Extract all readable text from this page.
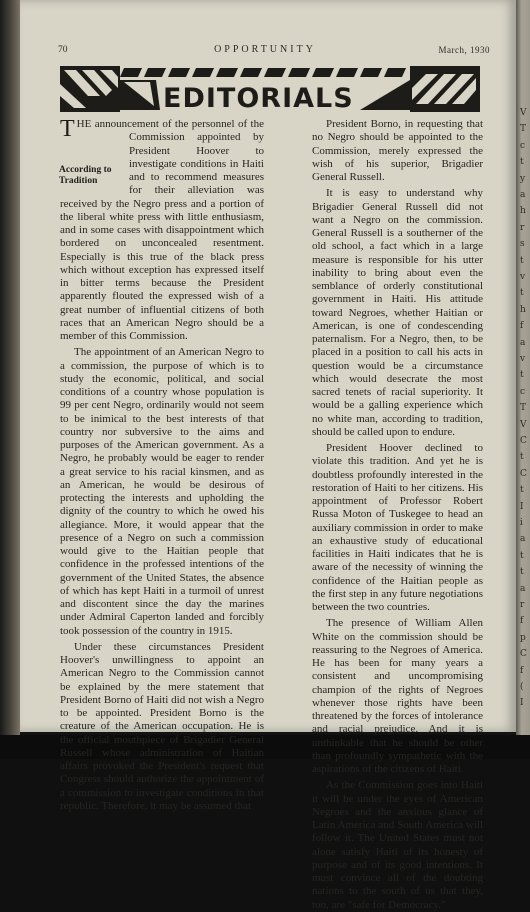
V
T
c
t
y
a
h
r
s
t
v
t
h
f
a
v
t
c
T
V
C
t
C
t
I
i
a
t
t
a
r
f
p
C
f
(
I
70	OPPORTUNITY	March, 1930
EDITORIALS
T
According to Tradition

HE announcement of the personnel of the Commission appointed by President Hoover to investigate conditions in Haiti and to recommend measures for their alleviation was received by the Negro press and a portion of the liberal white press with little enthusiasm, and in some cases with disappointment which bordered on unconcealed resentment. Especially is this true of the black press which without exception has expressed itself in bitter terms because the President apparently flouted the expressed wish of a great number of influential citizens of both races that an American Negro should be a member of this Commission.

The appointment of an American Negro to a commission, the purpose of which is to study the economic, political, and social conditions of a country whose population is 99 per cent Negro, ordinarily would not seem to be inimical to the best interests of that country nor subversive to the aims and purposes of the American government. As a Negro, he probably would be eager to render a great service to his racial kinsmen, and as an American, he would be desirous of protecting the interests and upholding the dignity of the country to which he owed his allegiance. More, it would appear that the presence of a Negro on such a commission would give to the Haitian people that confidence in the professed intentions of the government of the United States, the absence of which has kept Haiti in a turmoil of unrest and discontent since the day the marines under Admiral Caperton landed and forcibly took possession of the country in 1915.

Under these circumstances President Hoover's unwillingness to appoint an American Negro to the Commission cannot be explained by the mere statement that President Borno of Haiti did not wish a Negro to be appointed. President Borno is the creature of the American occupation. He is the official mouthpiece of Brigadier General Russell whose administration of Haitian affairs provoked the President's request that Congress should authorize the appointment of a commission to investigate conditions in that republic. Therefore, it may be assumed that

President Borno, in requesting that no Negro should be appointed to the Commission, merely expressed the wish of his superior, Brigadier General Russell.

It is easy to understand why Brigadier General Russell did not want a Negro on the commission. General Russell is a southerner of the old school, a fact which in a large measure is responsible for his utter inability to bring about even the semblance of orderly constitutional government in Haiti. His attitude toward Negroes, whether Haitian or American, is one of condescending paternalism. For a Negro, then, to be placed in a position to call his acts in question would be a circumstance which would desecrate the most sacred tenets of racial superiority. It would be a galling experience which no white man, according to tradition, should be called upon to endure.

President Hoover declined to violate this tradition. And yet he is doubtless profoundly interested in the restoration of Haiti to her citizens. His appointment of Professor Robert Russa Moton of Tuskegee to head an auxiliary commission in order to make an exhaustive study of educational facilities in Haiti indicates that he is aware of the necessity of winning the confidence of the Haitian people as the first step in any future negotiations between the two countries.

The presence of William Allen White on the commission should be reassuring to the Negroes of America. He has been for many years a consistent and uncompromising champion of the rights of Negroes whenever those rights have been threatened by the forces of intolerance and racial prejudice. And it is unthinkable that he should be other than profoundly sympathetic with the aspirations of the citizens of Haiti.

As the Commission goes into Haiti it will be under the eyes of American Negroes and the anxious glance of Latin America and South America will follow it. The United States must not alone satisfy Haiti of its honesty of purpose and of its good intentions. It must convince all of the doubting nations to the south of us that they, too, are "safe for Democracy."
